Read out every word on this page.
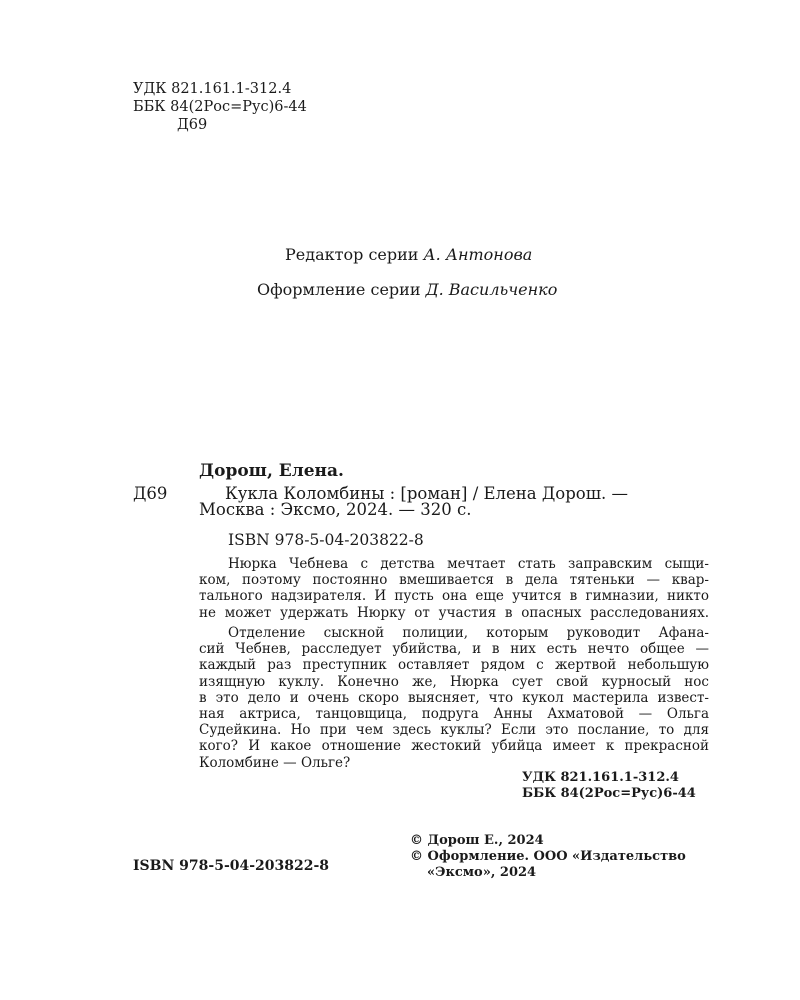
УДК 821.161.1-312.4
ББК 84(2Рос=Рус)6-44
Д69
Редактор серии А. Антонова
Оформление серии Д. Васильченко
Дорош, Елена.
Д69	Кукла Коломбины : [роман] / Елена Дорош. —
Москва : Эксмо, 2024. — 320 с.
ISBN 978-5-04-203822-8
Нюрка Чебнева с детства мечтает стать заправским сыщи-
ком, поэтому постоянно вмешивается в дела тятеньки — квар-
тального надзирателя. И пусть она еще учится в гимназии, никто
не может удержать Нюрку от участия в опасных расследованиях.
Отделение сыскной полиции, которым руководит Афана-
сий Чебнев, расследует убийства, и в них есть нечто общее —
каждый раз преступник оставляет рядом с жертвой небольшую
изящную куклу. Конечно же, Нюрка сует свой курносый нос
в это дело и очень скоро выясняет, что кукол мастерила извест-
ная актриса, танцовщица, подруга Анны Ахматовой — Ольга
Судейкина. Но при чем здесь куклы? Если это послание, то для
кого? И какое отношение жестокий убийца имеет к прекрасной
Коломбине — Ольге?
УДК 821.161.1-312.4
ББК 84(2Рос=Рус)6-44
ISBN 978-5-04-203822-8
© Дорош Е., 2024
© Оформление. ООО «Издательство
«Эксмо», 2024
